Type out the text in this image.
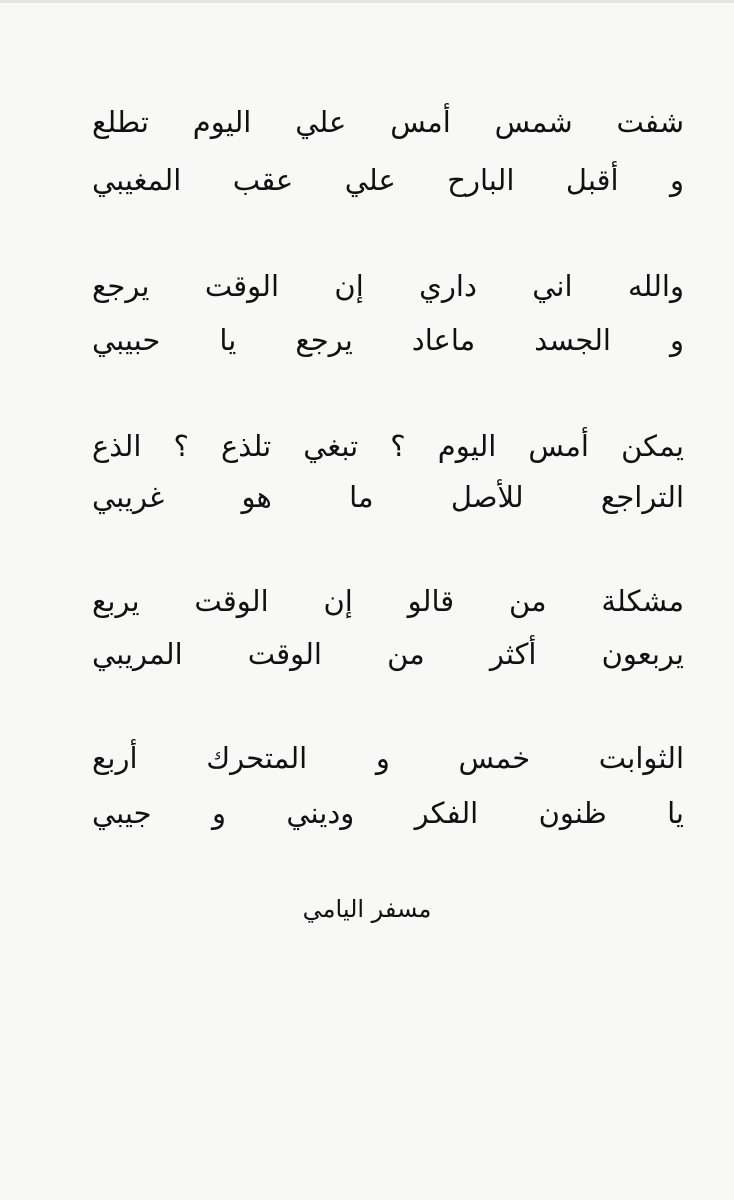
شفت شمس أمس علي اليوم تطلع
و أقبل البارح علي عقب المغيبي
والله اني داري إن الوقت يرجع
و الجسد ماعاد يرجع يا حبيبي
يمكن أمس اليوم ؟ تبغي تلذع ؟ الذع
التراجع للأصل ما هو غريبي
مشكلة من قالو إن الوقت يربع
يربعون أكثر من الوقت المريبي
الثوابت خمس و المتحرك أربع
يا ظنون الفكر وديني و جيبي
مسفر اليامي
